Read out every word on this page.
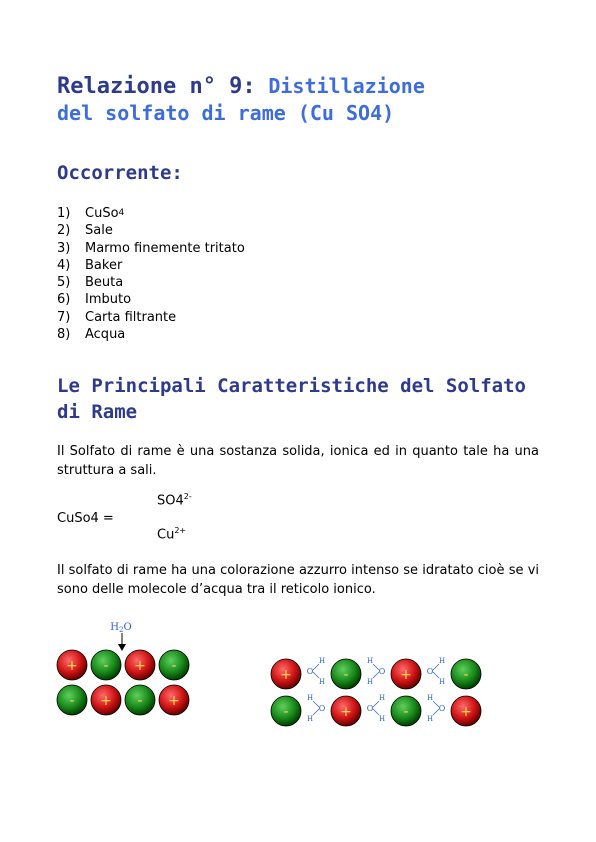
Relazione n° 9: Distillazione
del solfato di rame (Cu SO4)
Occorrente:
1)	CuSo 4
2)	Sale
3)	Marmo finemente tritato
4)	Baker
5)	Beuta
6)	Imbuto
7)	Carta filtrante
8)	Acqua
Le Principali Caratteristiche del Solfato di Rame
Il Solfato di rame è una sostanza solida, ionica ed in quanto tale ha una struttura a sali.
$SO4^{2-}$
CuSo4 =
$Cu^{2+}$
Il solfato di rame ha una colorazione azzurro intenso se idratato cioè se vi sono delle molecole d’acqua tra il reticolo ionico.
+
-
-
+
+
-
-
+
+
-
-
+
+
-
-
+
O
H
H
O
H
H
O
H
H
O
H
H
O
H
H
O
H
H
$H_2O$
